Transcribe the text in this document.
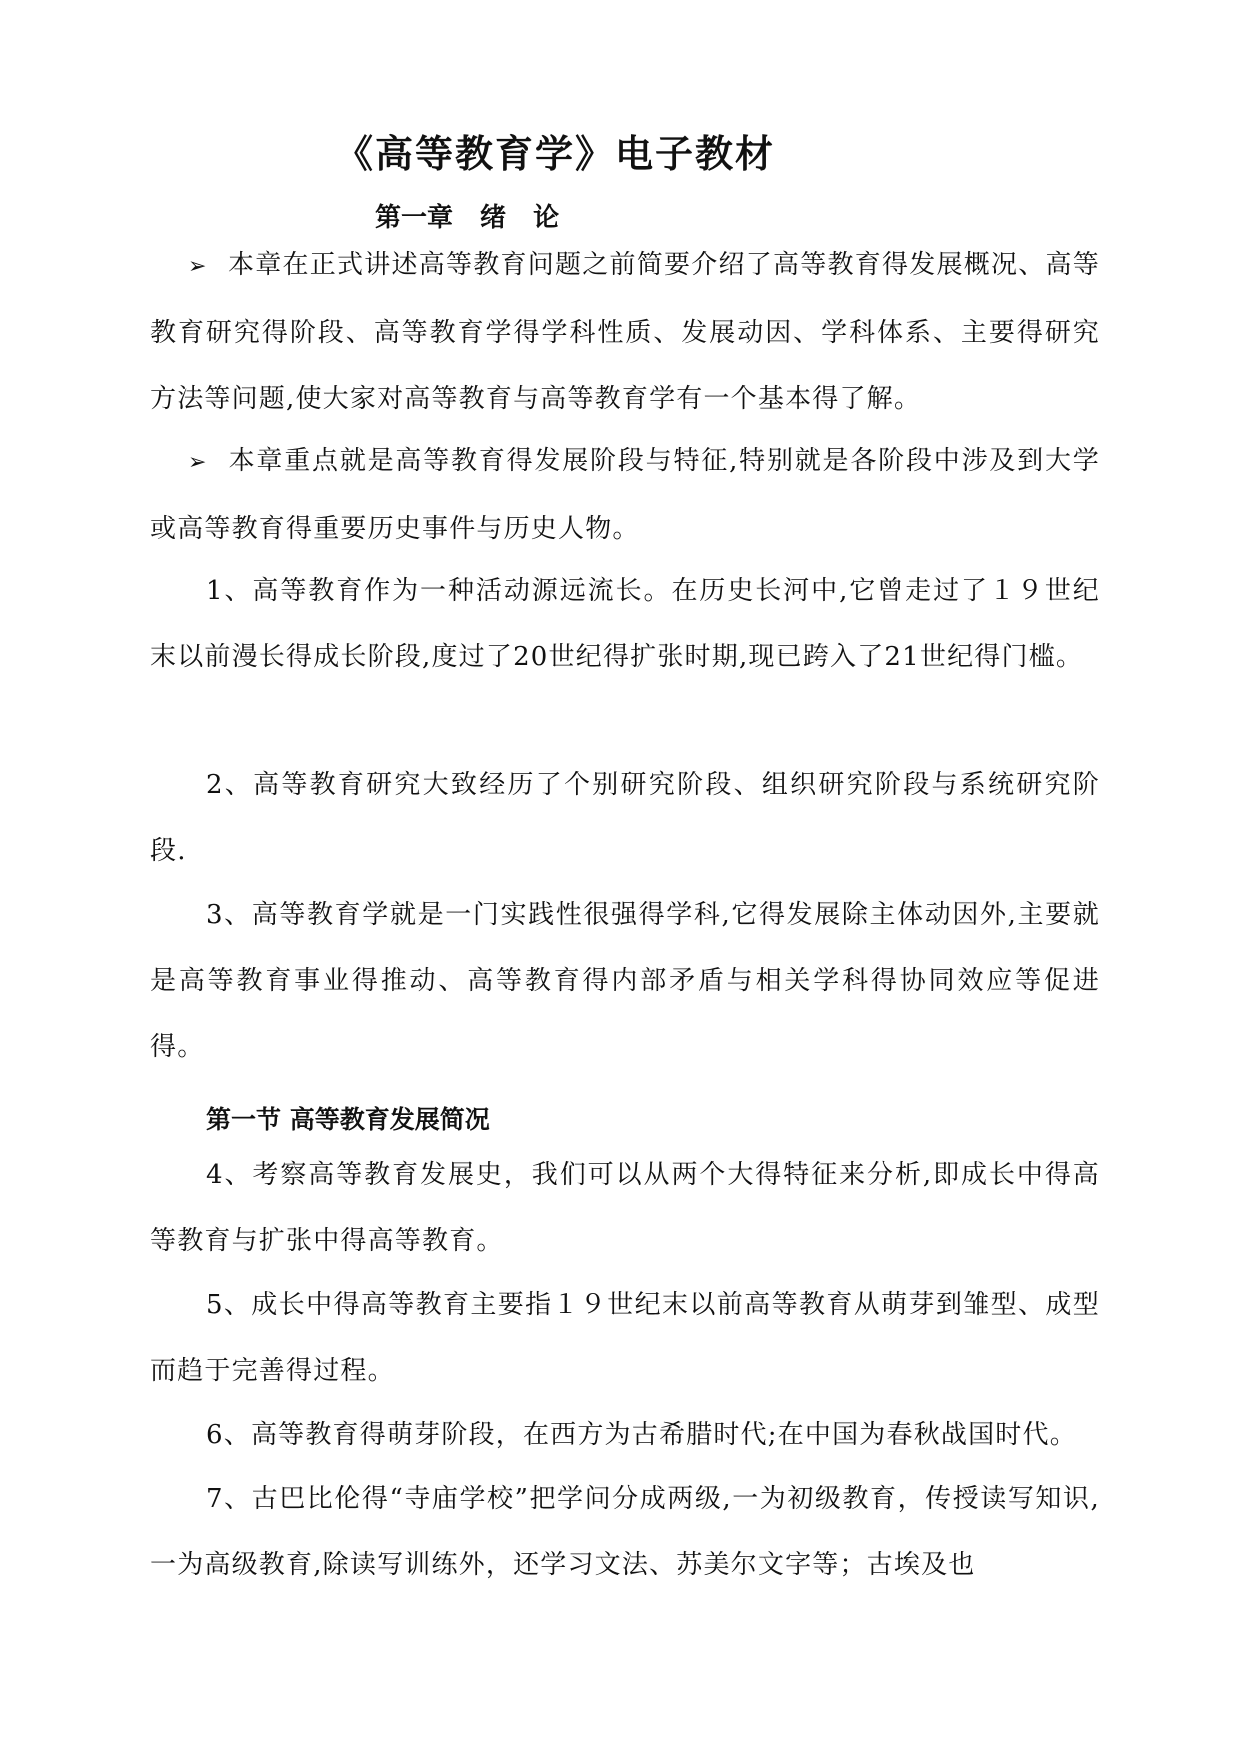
《高等教育学》电子教材
第一章 绪 论

➢ 本章在正式讲述高等教育问题之前简要介绍了高等教育得发展概况、高等教育研究得阶段、高等教育学得学科性质、发展动因、学科体系、主要得研究方法等问题,使大家对高等教育与高等教育学有一个基本得了解。

➢ 本章重点就是高等教育得发展阶段与特征,特别就是各阶段中涉及到大学或高等教育得重要历史事件与历史人物。

1、高等教育作为一种活动源远流长。在历史长河中,它曾走过了１９世纪末以前漫长得成长阶段,度过了20世纪得扩张时期,现已跨入了21世纪得门槛。

2、高等教育研究大致经历了个别研究阶段、组织研究阶段与系统研究阶段.

3、高等教育学就是一门实践性很强得学科,它得发展除主体动因外,主要就是高等教育事业得推动、高等教育得内部矛盾与相关学科得协同效应等促进得。

第一节 高等教育发展简况

4、考察高等教育发展史，我们可以从两个大得特征来分析,即成长中得高等教育与扩张中得高等教育。

5、成长中得高等教育主要指１９世纪末以前高等教育从萌芽到雏型、成型而趋于完善得过程。

6、高等教育得萌芽阶段，在西方为古希腊时代;在中国为春秋战国时代。

7、古巴比伦得“寺庙学校”把学问分成两级,一为初级教育，传授读写知识,一为高级教育,除读写训练外，还学习文法、苏美尔文字等；古埃及也
